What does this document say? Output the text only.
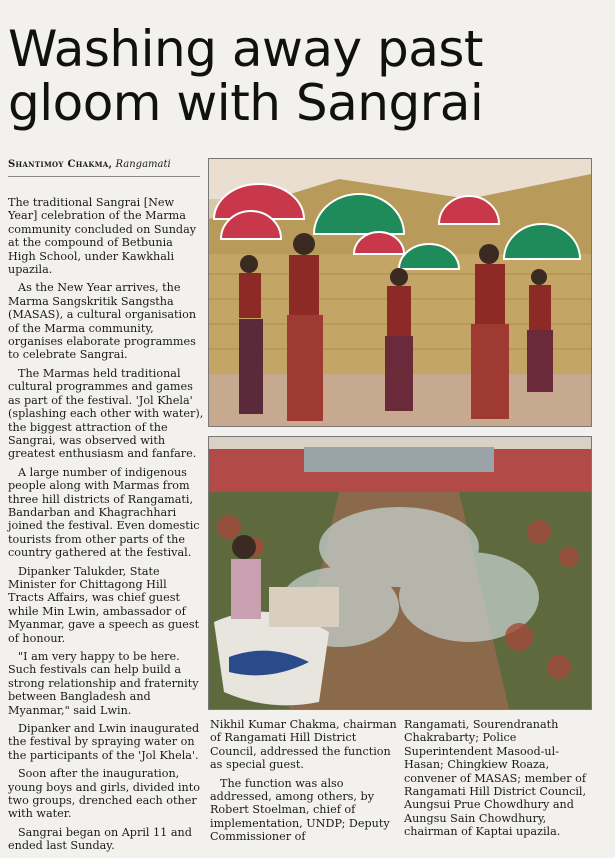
Washing away past
gloom with Sangrai
Shantimoy Chakma, Rangamati

The traditional Sangrai [New Year] celebration of the Marma community concluded on Sunday at the compound of Betbunia High School, under Kawkhali upazila.

As the New Year arrives, the Marma Sangskritik Sangstha (MASAS), a cultural organisation of the Marma community, organises elaborate programmes to celebrate Sangrai.

The Marmas held traditional cultural programmes and games as part of the festival. 'Jol Khela' (splashing each other with water), the biggest attraction of the Sangrai, was observed with greatest enthusiasm and fanfare.

A large number of indigenous people along with Marmas from three hill districts of Rangamati, Bandarban and Khagrachhari joined the festival. Even domestic tourists from other parts of the country gathered at the festival.

Dipanker Talukder, State Minister for Chittagong Hill Tracts Affairs, was chief guest while Min Lwin, ambassador of Myanmar, gave a speech as guest of honour.

"I am very happy to be here. Such festivals can help build a strong relationship and fraternity between Bangladesh and Myanmar," said Lwin.

Dipanker and Lwin inaugurated the festival by spraying water on the participants of the 'Jol Khela'.

Soon after the inauguration, young boys and girls, divided into two groups, drenched each other with water.

Sangrai began on April 11 and ended last Sunday.

Nikhil Kumar Chakma, chairman of Rangamati Hill District Council, addressed the function as special guest.

The function was also addressed, among others, by Robert Stoelman, chief of implementation, UNDP; Deputy Commissioner of

Rangamati, Sourendranath Chakrabarty; Police Superintendent Masood-ul-Hasan; Chingkiew Roaza, convener of MASAS; member of Rangamati Hill District Council, Aungsui Prue Chowdhury and Aungsu Sain Chowdhury, chairman of Kaptai upazila.
